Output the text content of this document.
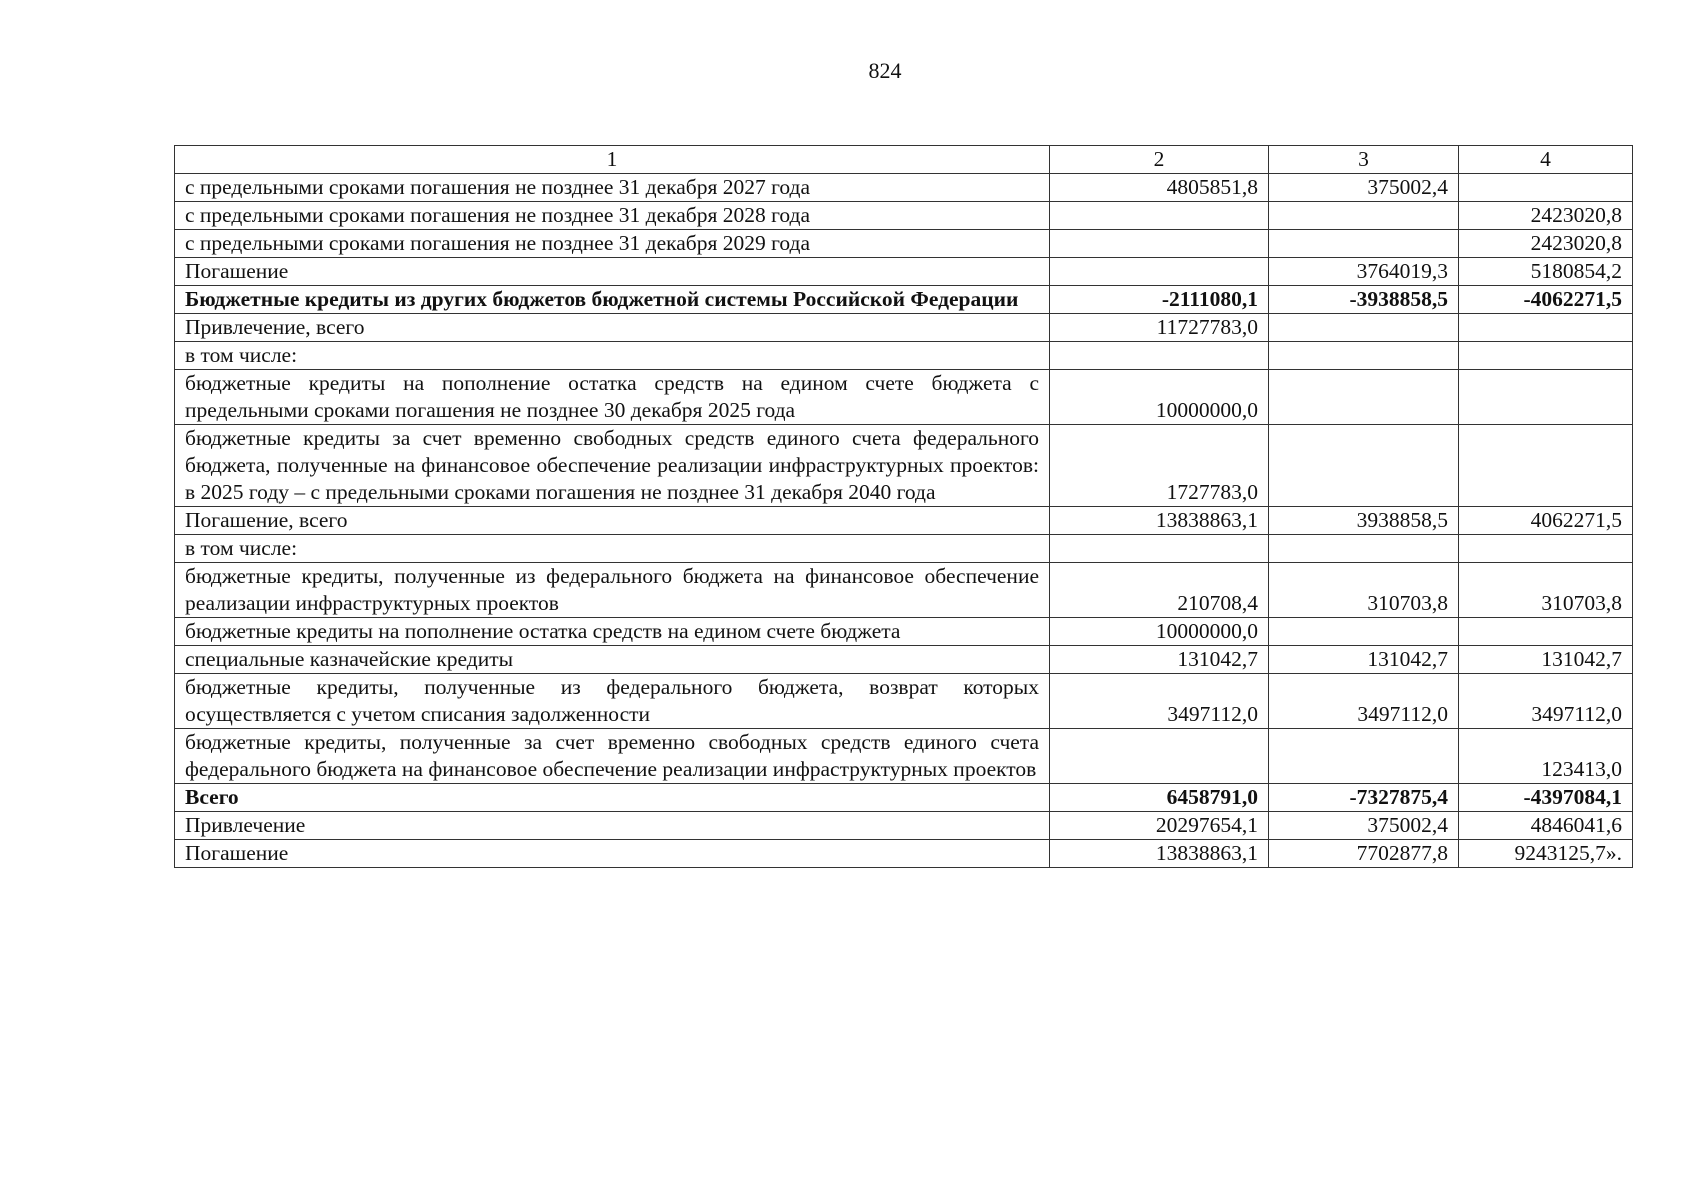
824
1	2	3	4
с предельными сроками погашения не позднее 31 декабря 2027 года	4805851,8	375002,4	
с предельными сроками погашения не позднее 31 декабря 2028 года			2423020,8
с предельными сроками погашения не позднее 31 декабря 2029 года			2423020,8
Погашение		3764019,3	5180854,2
Бюджетные кредиты из других бюджетов бюджетной системы Российской Федерации	-2111080,1	-3938858,5	-4062271,5
Привлечение, всего	11727783,0		
в том числе:			
бюджетные кредиты на пополнение остатка средств на едином счете бюджета с предельными сроками погашения не позднее 30 декабря 2025 года	10000000,0		
бюджетные кредиты за счет временно свободных средств единого счета федерального бюджета, полученные на финансовое обеспечение реализации инфраструктурных проектов: в 2025 году – с предельными сроками погашения не позднее 31 декабря 2040 года	1727783,0		
Погашение, всего	13838863,1	3938858,5	4062271,5
в том числе:			
бюджетные кредиты, полученные из федерального бюджета на финансовое обеспечение реализации инфраструктурных проектов	210708,4	310703,8	310703,8
бюджетные кредиты на пополнение остатка средств на едином счете бюджета	10000000,0		
специальные казначейские кредиты	131042,7	131042,7	131042,7
бюджетные кредиты, полученные из федерального бюджета, возврат которых осуществляется с учетом списания задолженности	3497112,0	3497112,0	3497112,0
бюджетные кредиты, полученные за счет временно свободных средств единого счета федерального бюджета на финансовое обеспечение реализации инфраструктурных проектов			123413,0
Всего	6458791,0	-7327875,4	-4397084,1
Привлечение	20297654,1	375002,4	4846041,6
Погашение	13838863,1	7702877,8	9243125,7».
